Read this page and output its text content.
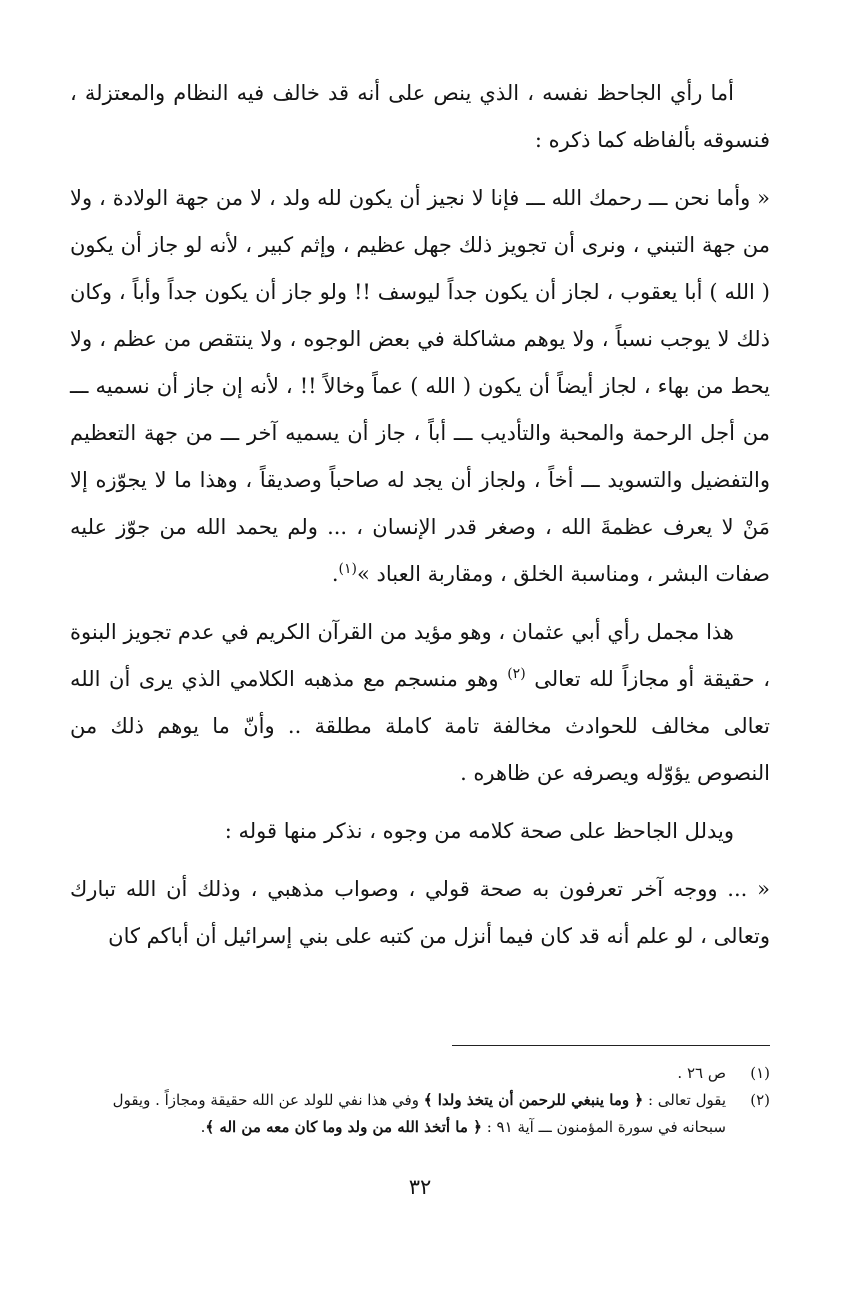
أما رأي الجاحظ نفسه ، الذي ينص على أنه قد خالف فيه النظام والمعتزلة ، فنسوقه بألفاظه كما ذكره :

« وأما نحن ـــ رحمك الله ـــ فإنا لا نجيز أن يكون لله ولد ، لا من جهة الولادة ، ولا من جهة التبني ، ونرى أن تجويز ذلك جهل عظيم ، وإثم كبير ، لأنه لو جاز أن يكون ( الله ) أبا يعقوب ، لجاز أن يكون جداً ليوسف !! ولو جاز أن يكون جداً وأباً ، وكان ذلك لا يوجب نسباً ، ولا يوهم مشاكلة في بعض الوجوه ، ولا ينتقص من عظم ، ولا يحط من بهاء ، لجاز أيضاً أن يكون ( الله ) عماً وخالاً !! ، لأنه إن جاز أن نسميه ـــ من أجل الرحمة والمحبة والتأديب ـــ أباً ، جاز أن يسميه آخر ـــ من جهة التعظيم والتفضيل والتسويد ـــ أخاً ، ولجاز أن يجد له صاحباً وصديقاً ، وهذا ما لا يجوّزه إلا مَنْ لا يعرف عظمةَ الله ، وصغر قدر الإنسان ، ... ولم يحمد الله من جوّز عليه صفات البشر ، ومناسبة الخلق ، ومقاربة العباد »$^{(١)}$.

هذا مجمل رأي أبي عثمان ، وهو مؤيد من القرآن الكريم في عدم تجويز البنوة ، حقيقة أو مجازاً لله تعالى $^{(٢)}$ وهو منسجم مع مذهبه الكلامي الذي يرى أن الله تعالى مخالف للحوادث مخالفة تامة كاملة مطلقة .. وأنّ ما يوهم ذلك من النصوص يؤوّله ويصرفه عن ظاهره .

ويدلل الجاحظ على صحة كلامه من وجوه ، نذكر منها قوله :

« ... ووجه آخر تعرفون به صحة قولي ، وصواب مذهبي ، وذلك أن الله تبارك وتعالى ، لو علم أنه قد كان فيما أنزل من كتبه على بني إسرائيل أن أباكم كان

(١)
ص ٢٦ .
(٢)
يقول تعالى : ﴿ وما ينبغي للرحمن أن يتخذ ولدا ﴾ وفي هذا نفي للولد عن الله حقيقة ومجازاً . ويقول سبحانه في سورة المؤمنون ـــ آية ٩١ : ﴿ ما أتخذ الله من ولد وما كان معه من اله ﴾.
٣٢
